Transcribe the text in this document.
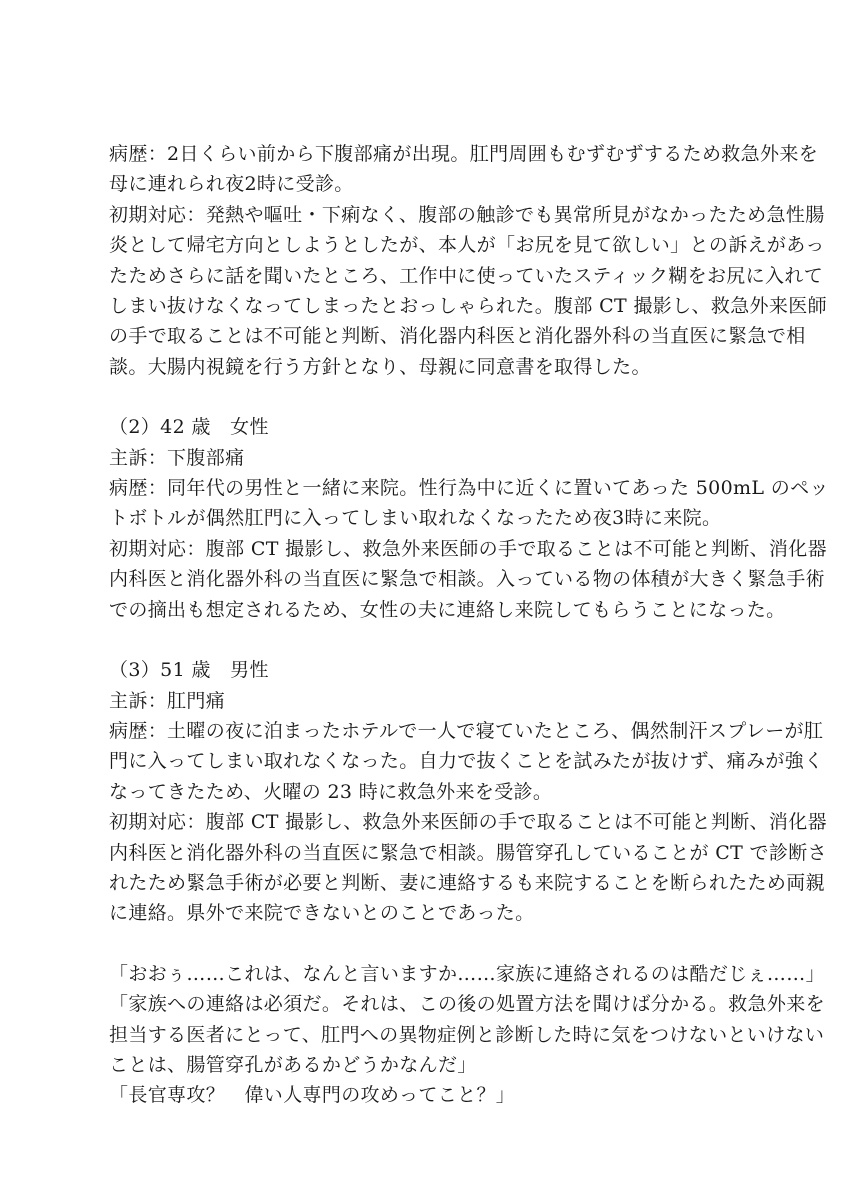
病歴：2日くらい前から下腹部痛が出現。肛門周囲もむずむずするため救急外来を
母に連れられ夜2時に受診。
初期対応：発熱や嘔吐・下痢なく、腹部の触診でも異常所見がなかったため急性腸
炎として帰宅方向としようとしたが、本人が「お尻を見て欲しい」との訴えがあっ
たためさらに話を聞いたところ、工作中に使っていたスティック糊をお尻に入れて
しまい抜けなくなってしまったとおっしゃられた。腹部 CT 撮影し、救急外来医師
の手で取ることは不可能と判断、消化器内科医と消化器外科の当直医に緊急で相
談。大腸内視鏡を行う方針となり、母親に同意書を取得した。
（2）42 歳　女性
主訴：下腹部痛
病歴：同年代の男性と一緒に来院。性行為中に近くに置いてあった 500mL のペッ
トボトルが偶然肛門に入ってしまい取れなくなったため夜3時に来院。
初期対応：腹部 CT 撮影し、救急外来医師の手で取ることは不可能と判断、消化器
内科医と消化器外科の当直医に緊急で相談。入っている物の体積が大きく緊急手術
での摘出も想定されるため、女性の夫に連絡し来院してもらうことになった。
（3）51 歳　男性
主訴：肛門痛
病歴：土曜の夜に泊まったホテルで一人で寝ていたところ、偶然制汗スプレーが肛
門に入ってしまい取れなくなった。自力で抜くことを試みたが抜けず、痛みが強く
なってきたため、火曜の 23 時に救急外来を受診。
初期対応：腹部 CT 撮影し、救急外来医師の手で取ることは不可能と判断、消化器
内科医と消化器外科の当直医に緊急で相談。腸管穿孔していることが CT で診断さ
れたため緊急手術が必要と判断、妻に連絡するも来院することを断られたため両親
に連絡。県外で来院できないとのことであった。
「おおぅ……これは、なんと言いますか……家族に連絡されるのは酷だじぇ……」
「家族への連絡は必須だ。それは、この後の処置方法を聞けば分かる。救急外来を
担当する医者にとって、肛門への異物症例と診断した時に気をつけないといけない
ことは、腸管穿孔があるかどうかなんだ」
「長官専攻？　偉い人専門の攻めってこと？」
